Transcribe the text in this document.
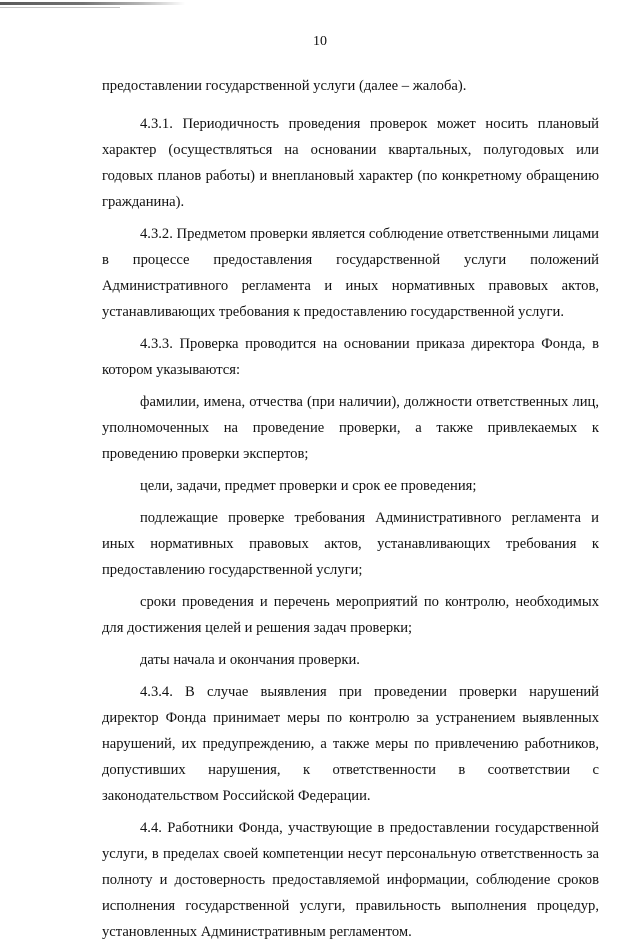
10

предоставлении государственной услуги (далее – жалоба).

4.3.1. Периодичность проведения проверок может носить плановый характер (осуществляться на основании квартальных, полугодовых или годовых планов работы) и внеплановый характер (по конкретному обращению гражданина).

4.3.2. Предметом проверки является соблюдение ответственными лицами в процессе предоставления государственной услуги положений Административного регламента и иных нормативных правовых актов, устанавливающих требования к предоставлению государственной услуги.

4.3.3. Проверка проводится на основании приказа директора Фонда, в котором указываются:

фамилии, имена, отчества (при наличии), должности ответственных лиц, уполномоченных на проведение проверки, а также привлекаемых к проведению проверки экспертов;

цели, задачи, предмет проверки и срок ее проведения;

подлежащие проверке требования Административного регламента и иных нормативных правовых актов, устанавливающих требования к предоставлению государственной услуги;

сроки проведения и перечень мероприятий по контролю, необходимых для достижения целей и решения задач проверки;

даты начала и окончания проверки.

4.3.4. В случае выявления при проведении проверки нарушений директор Фонда принимает меры по контролю за устранением выявленных нарушений, их предупреждению, а также меры по привлечению работников, допустивших нарушения, к ответственности в соответствии с законодательством Российской Федерации.

4.4. Работники Фонда, участвующие в предоставлении государственной услуги, в пределах своей компетенции несут персональную ответственность за полноту и достоверность предоставляемой информации, соблюдение сроков исполнения государственной услуги, правильность выполнения процедур, установленных Административным регламентом.
